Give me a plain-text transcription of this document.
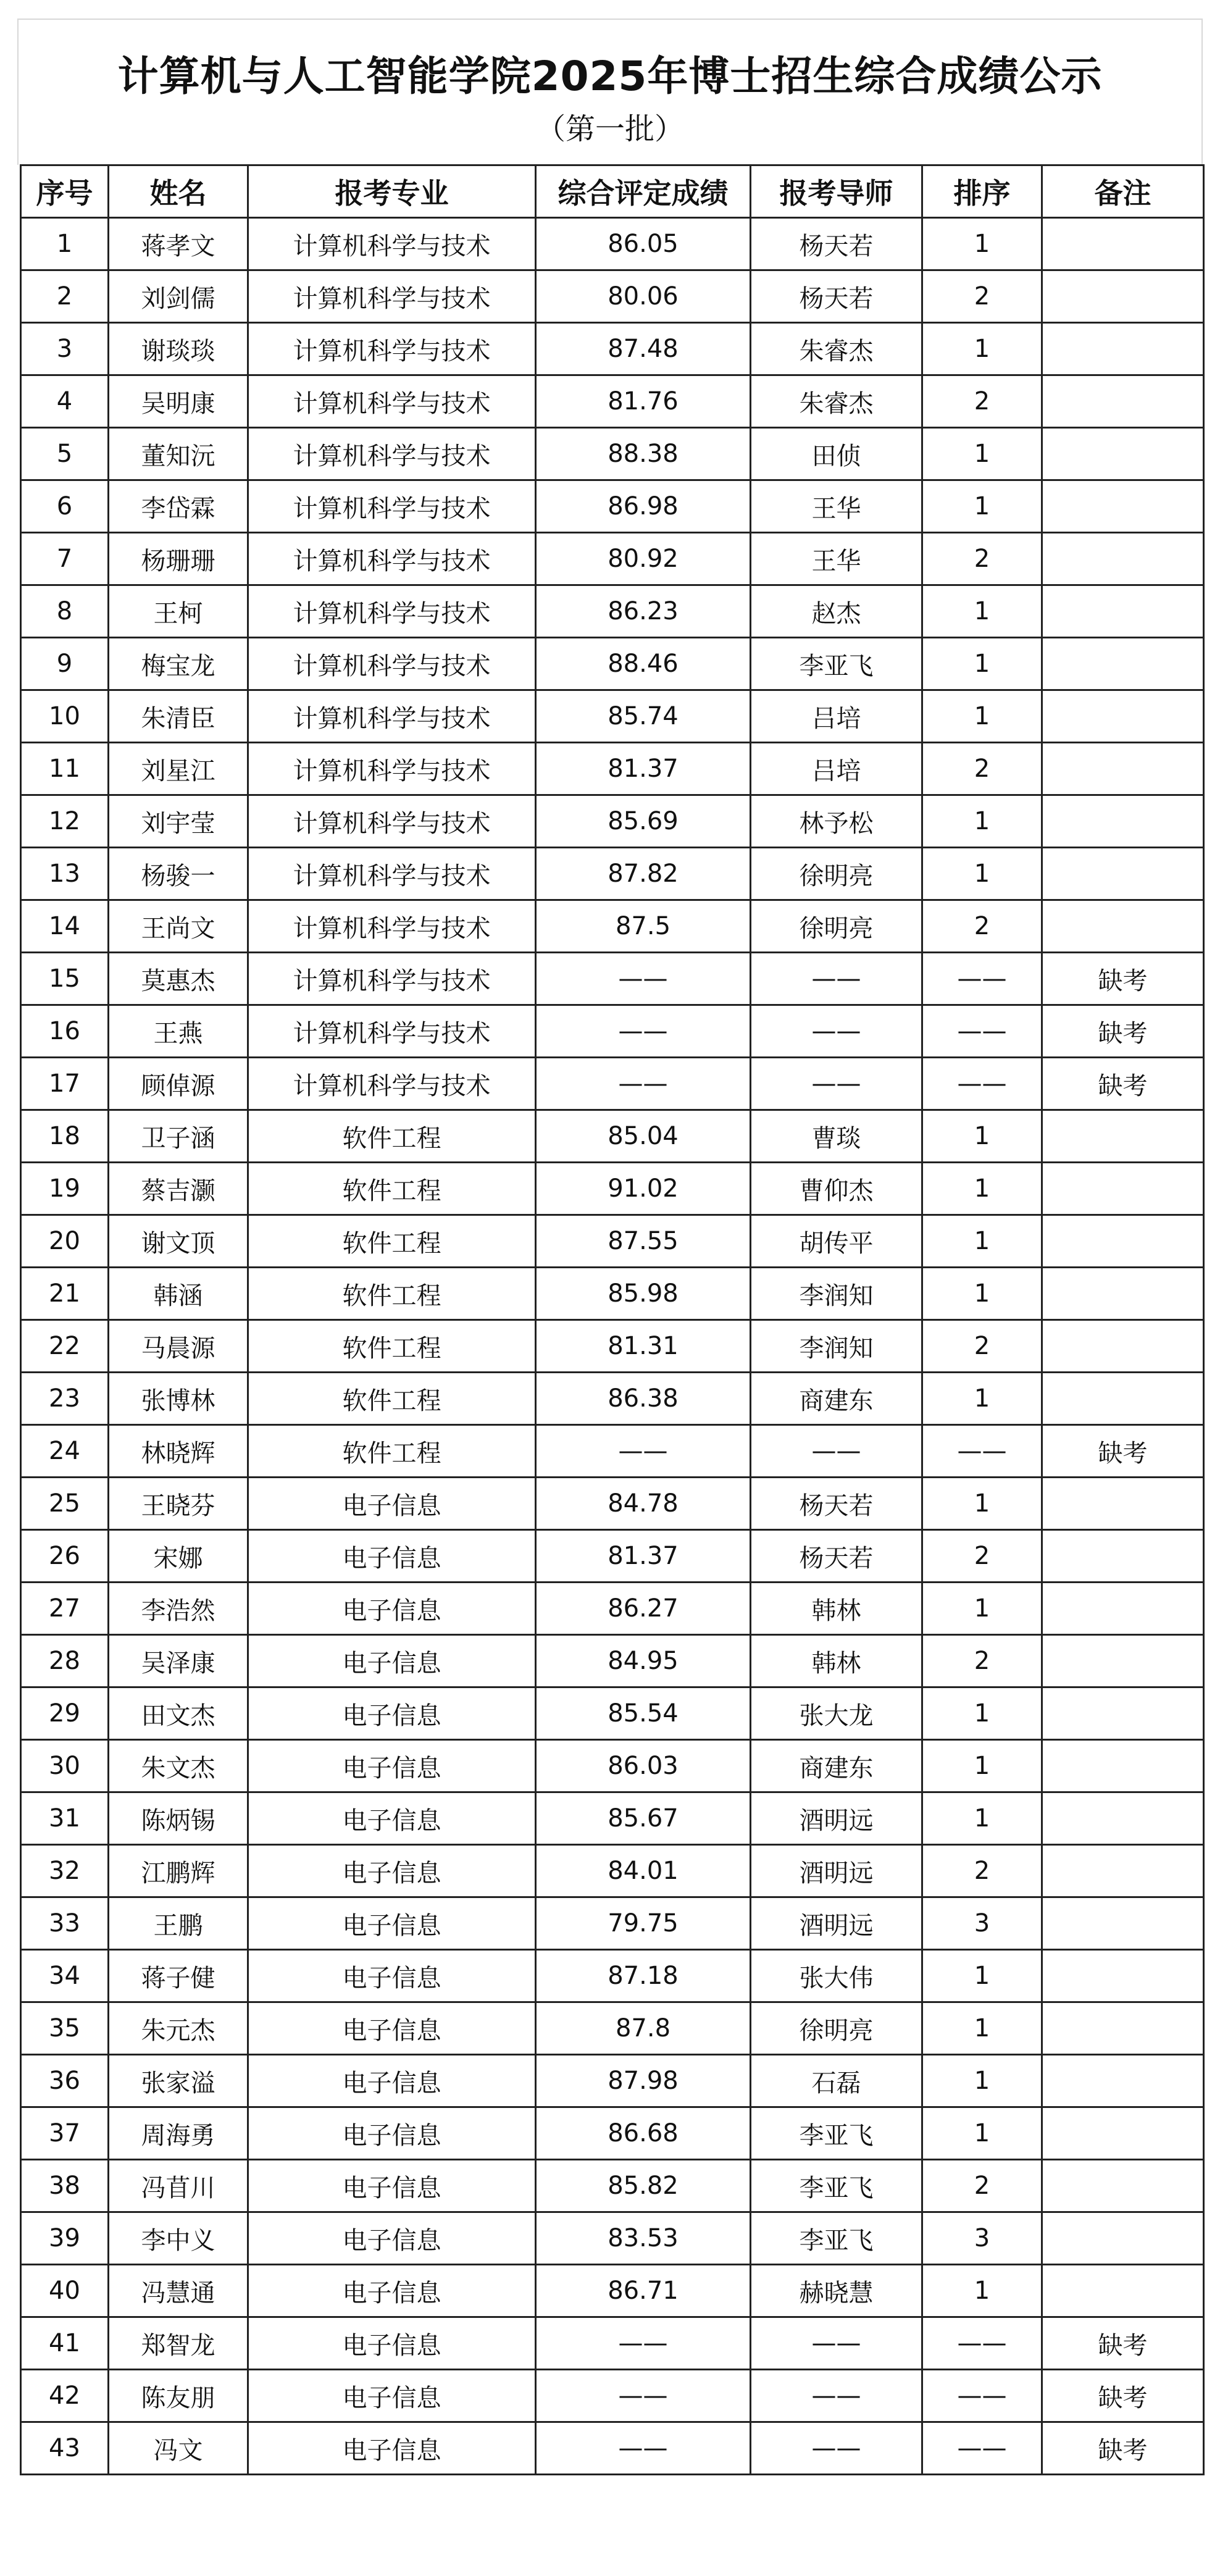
计算机与人工智能学院2025年博士招生综合成绩公示
（第一批）
序号	姓名	报考专业	综合评定成绩	报考导师	排序	备注
1	蒋孝文	计算机科学与技术	86.05	杨天若	1	
2	刘剑儒	计算机科学与技术	80.06	杨天若	2	
3	谢琰琰	计算机科学与技术	87.48	朱睿杰	1	
4	吴明康	计算机科学与技术	81.76	朱睿杰	2	
5	董知沅	计算机科学与技术	88.38	田侦	1	
6	李岱霖	计算机科学与技术	86.98	王华	1	
7	杨珊珊	计算机科学与技术	80.92	王华	2	
8	王柯	计算机科学与技术	86.23	赵杰	1	
9	梅宝龙	计算机科学与技术	88.46	李亚飞	1	
10	朱清臣	计算机科学与技术	85.74	吕培	1	
11	刘星江	计算机科学与技术	81.37	吕培	2	
12	刘宇莹	计算机科学与技术	85.69	林予松	1	
13	杨骏一	计算机科学与技术	87.82	徐明亮	1	
14	王尚文	计算机科学与技术	87.5	徐明亮	2	
15	莫惠杰	计算机科学与技术	——	——	——	缺考
16	王燕	计算机科学与技术	——	——	——	缺考
17	顾倬源	计算机科学与技术	——	——	——	缺考
18	卫子涵	软件工程	85.04	曹琰	1	
19	蔡吉灏	软件工程	91.02	曹仰杰	1	
20	谢文顶	软件工程	87.55	胡传平	1	
21	韩涵	软件工程	85.98	李润知	1	
22	马晨源	软件工程	81.31	李润知	2	
23	张博林	软件工程	86.38	商建东	1	
24	林晓辉	软件工程	——	——	——	缺考
25	王晓芬	电子信息	84.78	杨天若	1	
26	宋娜	电子信息	81.37	杨天若	2	
27	李浩然	电子信息	86.27	韩林	1	
28	吴泽康	电子信息	84.95	韩林	2	
29	田文杰	电子信息	85.54	张大龙	1	
30	朱文杰	电子信息	86.03	商建东	1	
31	陈炳锡	电子信息	85.67	酒明远	1	
32	江鹏辉	电子信息	84.01	酒明远	2	
33	王鹏	电子信息	79.75	酒明远	3	
34	蒋子健	电子信息	87.18	张大伟	1	
35	朱元杰	电子信息	87.8	徐明亮	1	
36	张家溢	电子信息	87.98	石磊	1	
37	周海勇	电子信息	86.68	李亚飞	1	
38	冯苜川	电子信息	85.82	李亚飞	2	
39	李中义	电子信息	83.53	李亚飞	3	
40	冯慧通	电子信息	86.71	赫晓慧	1	
41	郑智龙	电子信息	——	——	——	缺考
42	陈友朋	电子信息	——	——	——	缺考
43	冯文	电子信息	——	——	——	缺考
